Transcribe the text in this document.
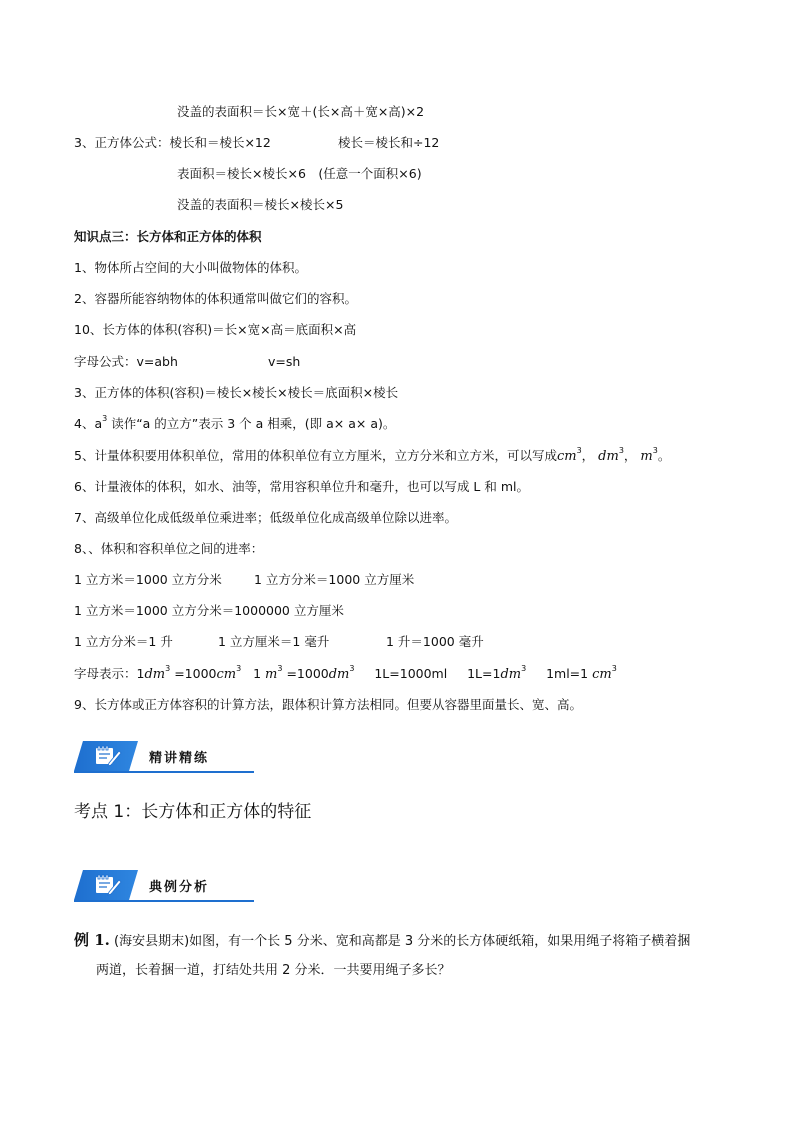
没盖的表面积＝长×宽＋(长×高＋宽×高)×2
3、正方体公式：棱长和＝棱长×12	棱长＝棱长和÷12
表面积＝棱长×棱长×6　(任意一个面积×6)
没盖的表面积＝棱长×棱长×5
知识点三：长方体和正方体的体积
1、物体所占空间的大小叫做物体的体积。
2、容器所能容纳物体的体积通常叫做它们的容积。
10、长方体的体积(容积)＝长×宽×高＝底面积×高
字母公式：v=abh	v=sh
3、正方体的体积(容积)＝棱长×棱长×棱长＝底面积×棱长
4、$a^3$ 读作“a 的立方”表示 3 个 a 相乘，(即 a× a× a)。
5、计量体积要用体积单位，常用的体积单位有立方厘米，立方分米和立方米，可以写成$cm^3$， $dm^3$， $m^3$。
6、计量液体的体积，如水、油等，常用容积单位升和毫升，也可以写成 L 和 ml。
7、高级单位化成低级单位乘进率；低级单位化成高级单位除以进率。
8、、体积和容积单位之间的进率：
1 立方米＝1000 立方分米	1 立方分米＝1000 立方厘米
1 立方米＝1000 立方分米＝1000000 立方厘米
1 立方分米＝1 升	1 立方厘米＝1 毫升	1 升＝1000 毫升
字母表示：$1dm^3 =1000cm^3$ 1 $m^3 =1000dm^3$ 1L=1000ml $1L=1dm^3$ 1ml=1 $cm^3$
9、长方体或正方体容积的计算方法，跟体积计算方法相同。但要从容器里面量长、宽、高。
精讲精练
考点 1：长方体和正方体的特征
典例分析
例 1. (海安县期末)如图，有一个长 5 分米、宽和高都是 3 分米的长方体硬纸箱，如果用绳子将箱子横着捆
两道，长着捆一道，打结处共用 2 分米．一共要用绳子多长？
